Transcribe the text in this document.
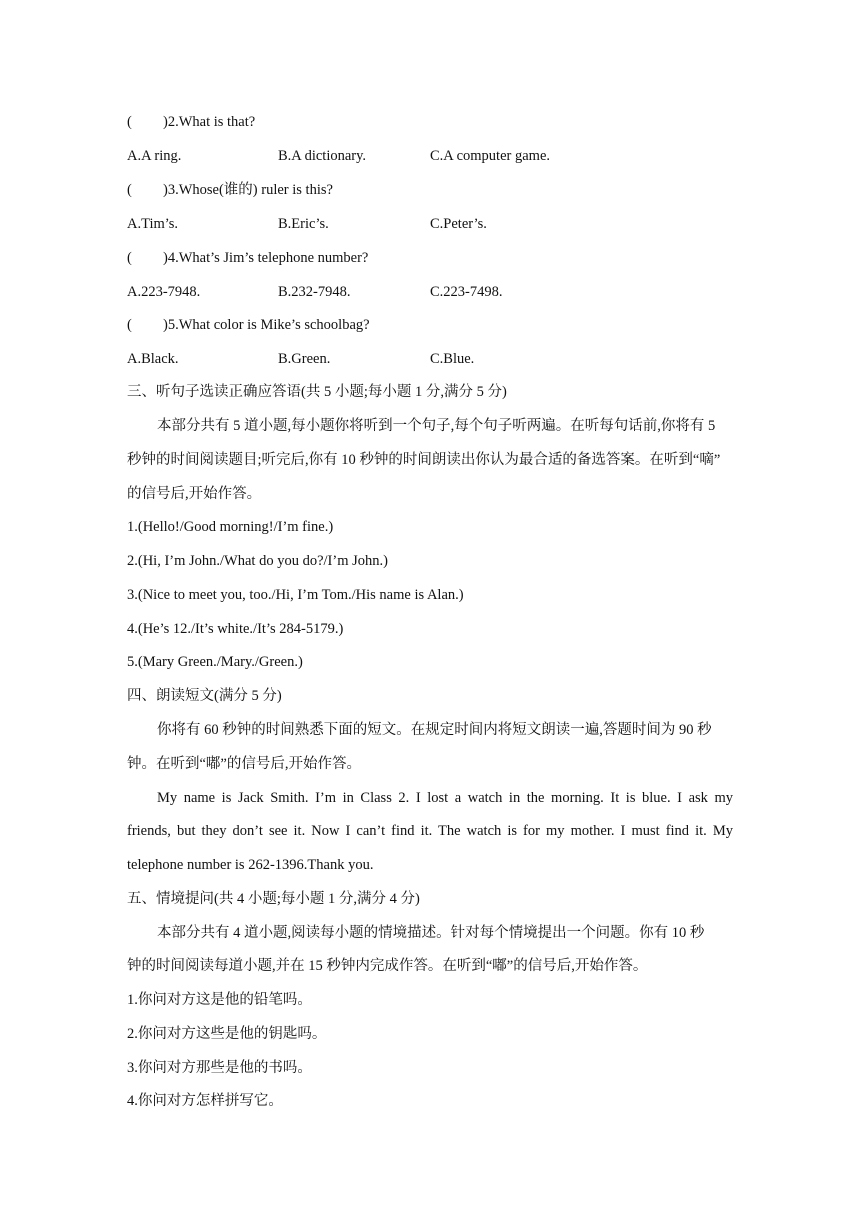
( )2.What is that?
A.A ring.	B.A dictionary.	C.A computer game.
( )3.Whose(谁的) ruler is this?
A.Tim’s.	B.Eric’s.	C.Peter’s.
( )4.What’s Jim’s telephone number?
A.223-7948.	B.232-7948.	C.223-7498.
( )5.What color is Mike’s schoolbag?
A.Black.	B.Green.	C.Blue.
三、听句子选读正确应答语(共 5 小题;每小题 1 分,满分 5 分)
本部分共有 5 道小题,每小题你将听到一个句子,每个句子听两遍。在听每句话前,你将有 5
秒钟的时间阅读题目;听完后,你有 10 秒钟的时间朗读出你认为最合适的备选答案。在听到“嘀”
的信号后,开始作答。
1.(Hello!/Good morning!/I’m fine.)
2.(Hi, I’m John./What do you do?/I’m John.)
3.(Nice to meet you, too./Hi, I’m Tom./His name is Alan.)
4.(He’s 12./It’s white./It’s 284-5179.)
5.(Mary Green./Mary./Green.)
四、朗读短文(满分 5 分)
你将有 60 秒钟的时间熟悉下面的短文。在规定时间内将短文朗读一遍,答题时间为 90 秒
钟。在听到“嘟”的信号后,开始作答。
My name is Jack Smith. I’m in Class 2. I lost a watch in the morning. It is blue. I ask my
friends, but they don’t see it. Now I can’t find it. The watch is for my mother. I must find it. My
telephone number is 262-1396.Thank you.
五、情境提问(共 4 小题;每小题 1 分,满分 4 分)
本部分共有 4 道小题,阅读每小题的情境描述。针对每个情境提出一个问题。你有 10 秒
钟的时间阅读每道小题,并在 15 秒钟内完成作答。在听到“嘟”的信号后,开始作答。
1.你问对方这是他的铅笔吗。
2.你问对方这些是他的钥匙吗。
3.你问对方那些是他的书吗。
4.你问对方怎样拼写它。
